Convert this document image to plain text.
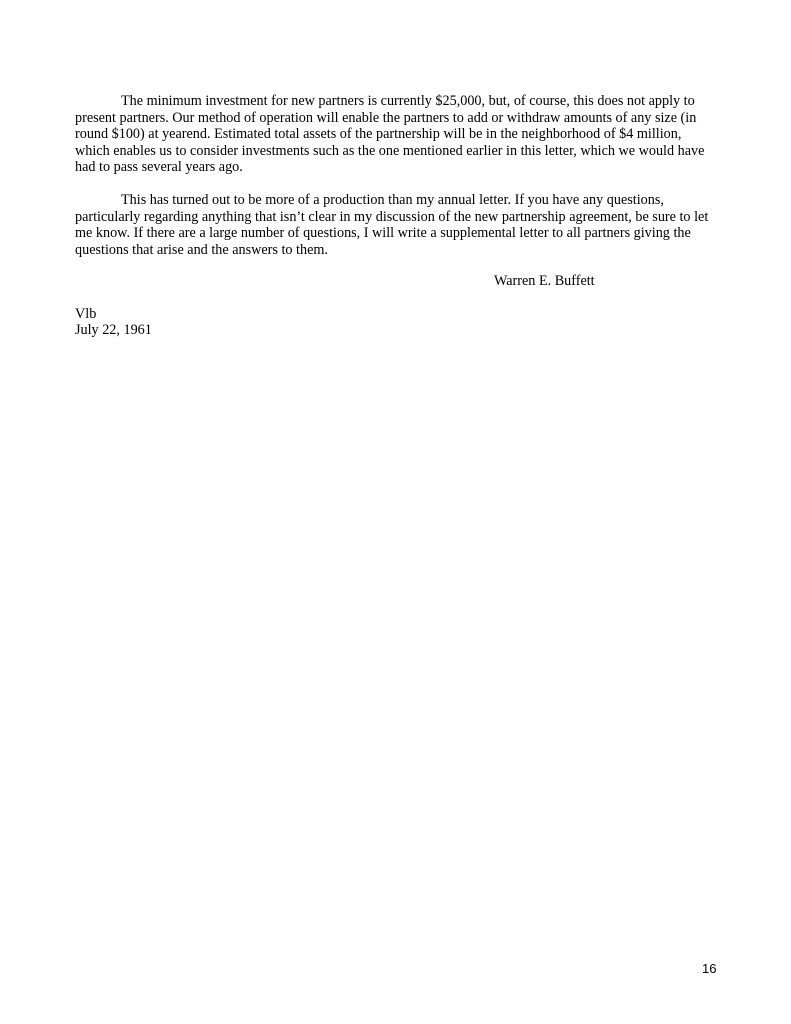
The minimum investment for new partners is currently $25,000, but, of course, this does not apply to
present partners. Our method of operation will enable the partners to add or withdraw amounts of any size (in
round $100) at yearend. Estimated total assets of the partnership will be in the neighborhood of $4 million,
which enables us to consider investments such as the one mentioned earlier in this letter, which we would have
had to pass several years ago.

This has turned out to be more of a production than my annual letter. If you have any questions,
particularly regarding anything that isn’t clear in my discussion of the new partnership agreement, be sure to let
me know. If there are a large number of questions, I will write a supplemental letter to all partners giving the
questions that arise and the answers to them.

Warren E. Buffett
Vlb
July 22, 1961
16
